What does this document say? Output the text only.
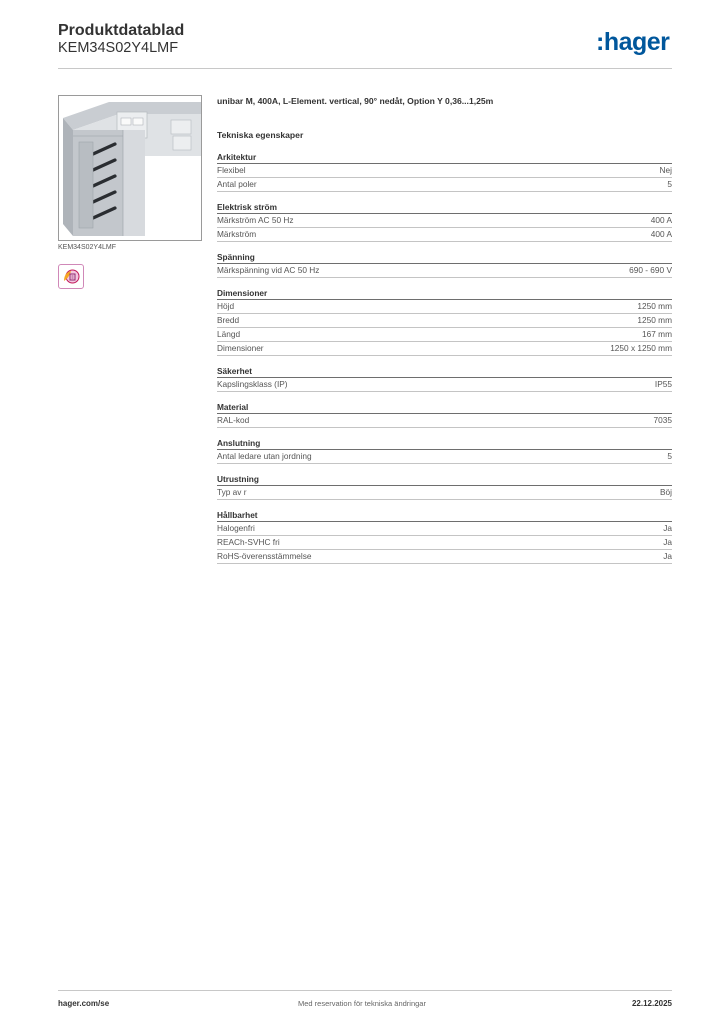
Produktdatablad
KEM34S02Y4LMF	:hager
KEM34S02Y4LMF
unibar M, 400A, L-Element. vertical, 90° nedåt, Option Y 0,36...1,25m
Tekniska egenskaper
Arkitektur
Flexibel	Nej
Antal poler	5
Elektrisk ström
Märkström AC 50 Hz	400 A
Märkström	400 A
Spänning
Märkspänning vid AC 50 Hz	690 - 690 V
Dimensioner
Höjd	1250 mm
Bredd	1250 mm
Längd	167 mm
Dimensioner	1250 x 1250 mm
Säkerhet
Kapslingsklass (IP)	IP55
Material
RAL-kod	7035
Anslutning
Antal ledare utan jordning	5
Utrustning
Typ av r	Böj
Hållbarhet
Halogenfri	Ja
REACh-SVHC fri	Ja
RoHS-överensstämmelse	Ja
hager.com/se	Med reservation för tekniska ändringar	22.12.2025
